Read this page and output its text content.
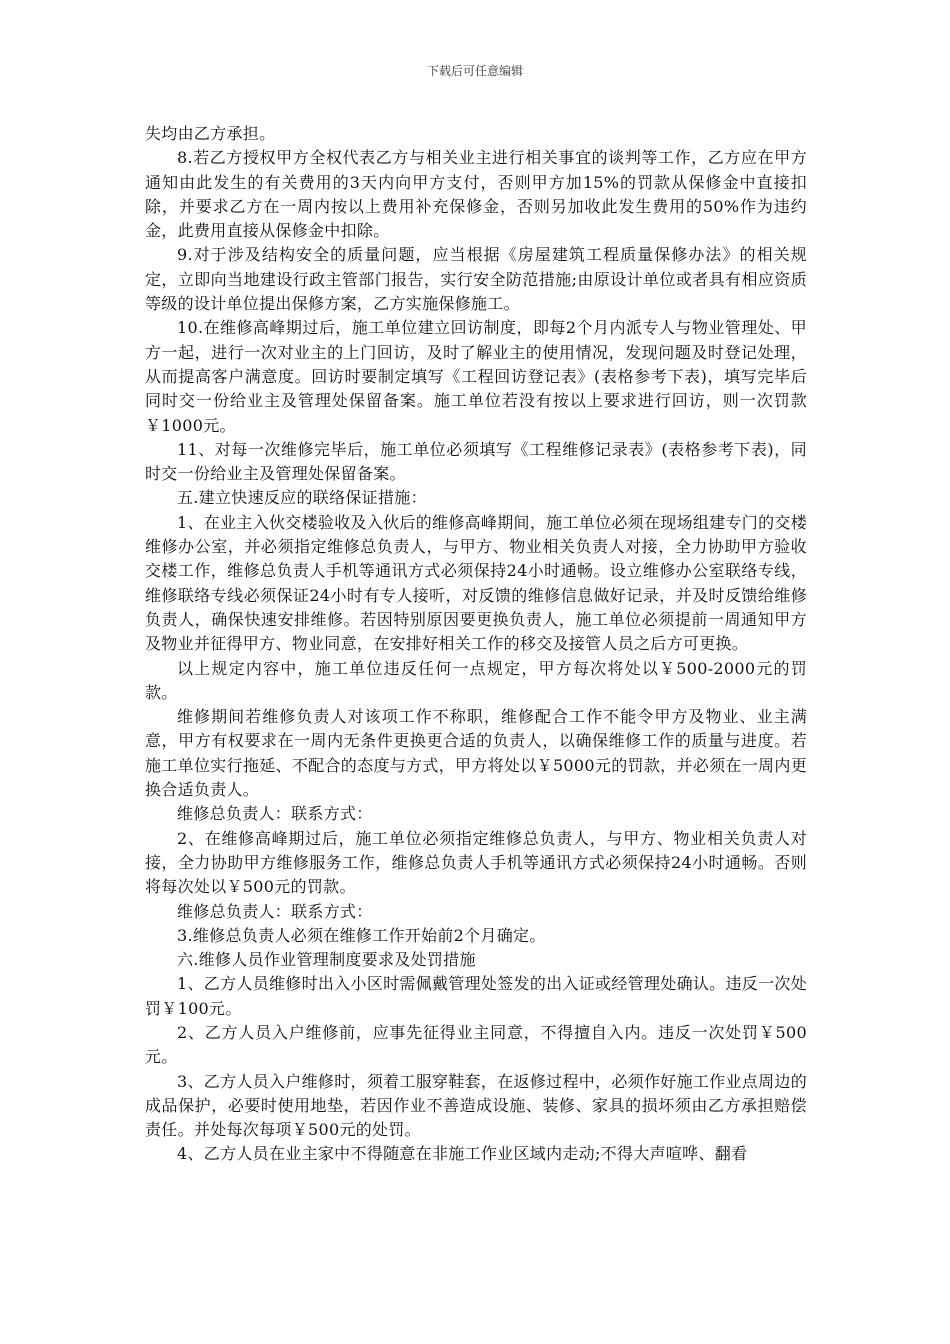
下载后可任意编辑

失均由乙方承担。

8.若乙方授权甲方全权代表乙方与相关业主进行相关事宜的谈判等工作，乙方应在甲方通知由此发生的有关费用的3天内向甲方支付，否则甲方加15%的罚款从保修金中直接扣除，并要求乙方在一周内按以上费用补充保修金，否则另加收此发生费用的50%作为违约金，此费用直接从保修金中扣除。

9.对于涉及结构安全的质量问题，应当根据《房屋建筑工程质量保修办法》的相关规定，立即向当地建设行政主管部门报告，实行安全防范措施;由原设计单位或者具有相应资质等级的设计单位提出保修方案，乙方实施保修施工。

10.在维修高峰期过后，施工单位建立回访制度，即每2个月内派专人与物业管理处、甲方一起，进行一次对业主的上门回访，及时了解业主的使用情况，发现问题及时登记处理，从而提高客户满意度。回访时要制定填写《工程回访登记表》(表格参考下表)，填写完毕后同时交一份给业主及管理处保留备案。施工单位若没有按以上要求进行回访，则一次罚款￥1000元。

11、对每一次维修完毕后，施工单位必须填写《工程维修记录表》(表格参考下表)，同时交一份给业主及管理处保留备案。

五.建立快速反应的联络保证措施：

1、在业主入伙交楼验收及入伙后的维修高峰期间，施工单位必须在现场组建专门的交楼维修办公室，并必须指定维修总负责人，与甲方、物业相关负责人对接，全力协助甲方验收交楼工作，维修总负责人手机等通讯方式必须保持24小时通畅。设立维修办公室联络专线，维修联络专线必须保证24小时有专人接听，对反馈的维修信息做好记录，并及时反馈给维修负责人，确保快速安排维修。若因特别原因要更换负责人，施工单位必须提前一周通知甲方及物业并征得甲方、物业同意，在安排好相关工作的移交及接管人员之后方可更换。

以上规定内容中，施工单位违反任何一点规定，甲方每次将处以￥500-2000元的罚款。

维修期间若维修负责人对该项工作不称职，维修配合工作不能令甲方及物业、业主满意，甲方有权要求在一周内无条件更换更合适的负责人，以确保维修工作的质量与进度。若施工单位实行拖延、不配合的态度与方式，甲方将处以￥5000元的罚款，并必须在一周内更换合适负责人。

维修总负责人：联系方式：

2、在维修高峰期过后，施工单位必须指定维修总负责人，与甲方、物业相关负责人对接，全力协助甲方维修服务工作，维修总负责人手机等通讯方式必须保持24小时通畅。否则将每次处以￥500元的罚款。

维修总负责人：联系方式：

3.维修总负责人必须在维修工作开始前2个月确定。

六.维修人员作业管理制度要求及处罚措施

1、乙方人员维修时出入小区时需佩戴管理处签发的出入证或经管理处确认。违反一次处罚￥100元。

2、乙方人员入户维修前，应事先征得业主同意，不得擅自入内。违反一次处罚￥500元。

3、乙方人员入户维修时，须着工服穿鞋套，在返修过程中，必须作好施工作业点周边的成品保护，必要时使用地垫，若因作业不善造成设施、装修、家具的损坏须由乙方承担赔偿责任。并处每次每项￥500元的处罚。

4、乙方人员在业主家中不得随意在非施工作业区域内走动;不得大声喧哗、翻看
